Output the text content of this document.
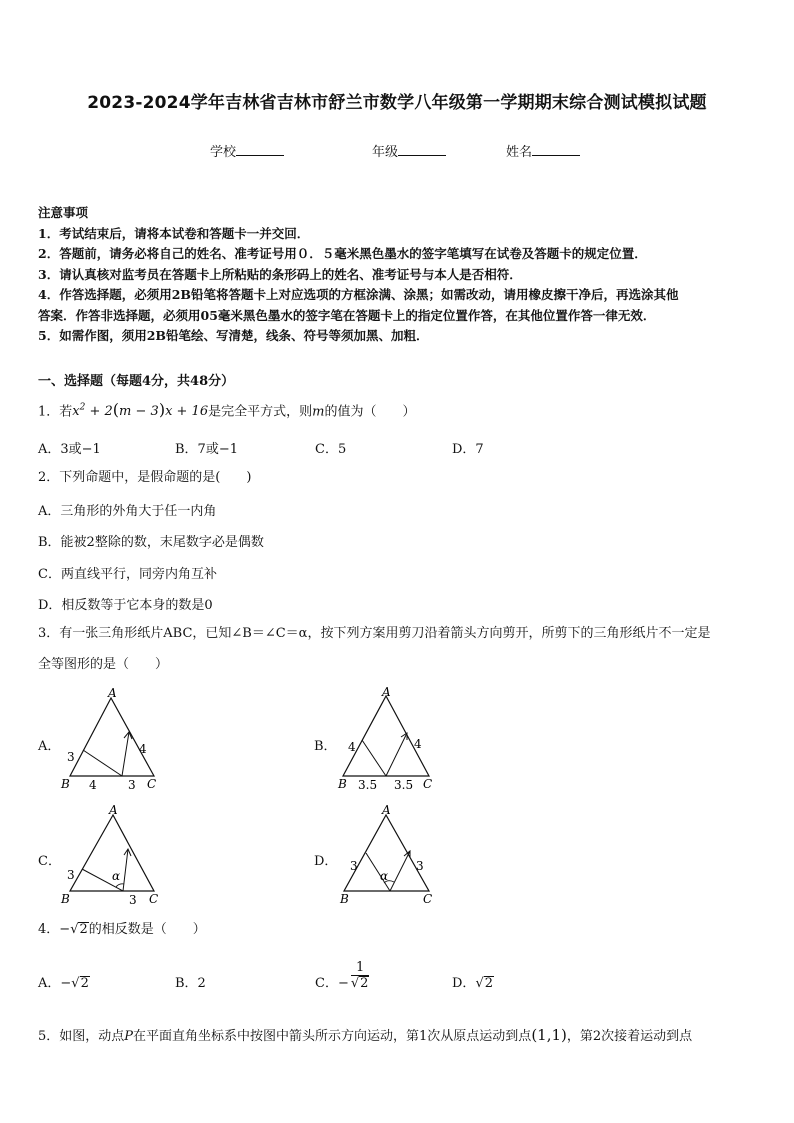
2023-2024学年吉林省吉林市舒兰市数学八年级第一学期期末综合测试模拟试题
学校	年级	姓名
注意事项
1．考试结束后，请将本试卷和答题卡一并交回．
2．答题前，请务必将自己的姓名、准考证号用０．５毫米黑色墨水的签字笔填写在试卷及答题卡的规定位置．
3．请认真核对监考员在答题卡上所粘贴的条形码上的姓名、准考证号与本人是否相符．
4．作答选择题，必须用2B铅笔将答题卡上对应选项的方框涂满、涂黑；如需改动，请用橡皮擦干净后，再选涂其他
答案．作答非选择题，必须用05毫米黑色墨水的签字笔在答题卡上的指定位置作答，在其他位置作答一律无效．
5．如需作图，须用2B铅笔绘、写清楚，线条、符号等须加黑、加粗．
一、选择题（每题4分，共48分）
1．若$x^2 + 2(m - 3)x + 16$是完全平方式，则m的值为（　　）
A．3或−1	B．7或−1	C．5	D．7
2．下列命题中，是假命题的是(　　)
A．三角形的外角大于任一内角
B．能被2整除的数，末尾数字必是偶数
C．两直线平行，同旁内角互补
D．相反数等于它本身的数是0
3．有一张三角形纸片ABC，已知∠B＝∠C＝α，按下列方案用剪刀沿着箭头方向剪开，所剪下的三角形纸片不一定是
全等图形的是（　　）
A．	B．
C．	D．
A
B	C
3
4	3
4
A
B	C
4
3.5 3.5
4
A
B	C
3
3
α
A
B	C
3	3
α
4．−√2的相反数是（　　）
A．−√2	B．2	C．− $\frac{1}{√2}$	D．√2
5．如图，动点P在平面直角坐标系中按图中箭头所示方向运动，第1次从原点运动到点(1,1)，第2次接着运动到点
